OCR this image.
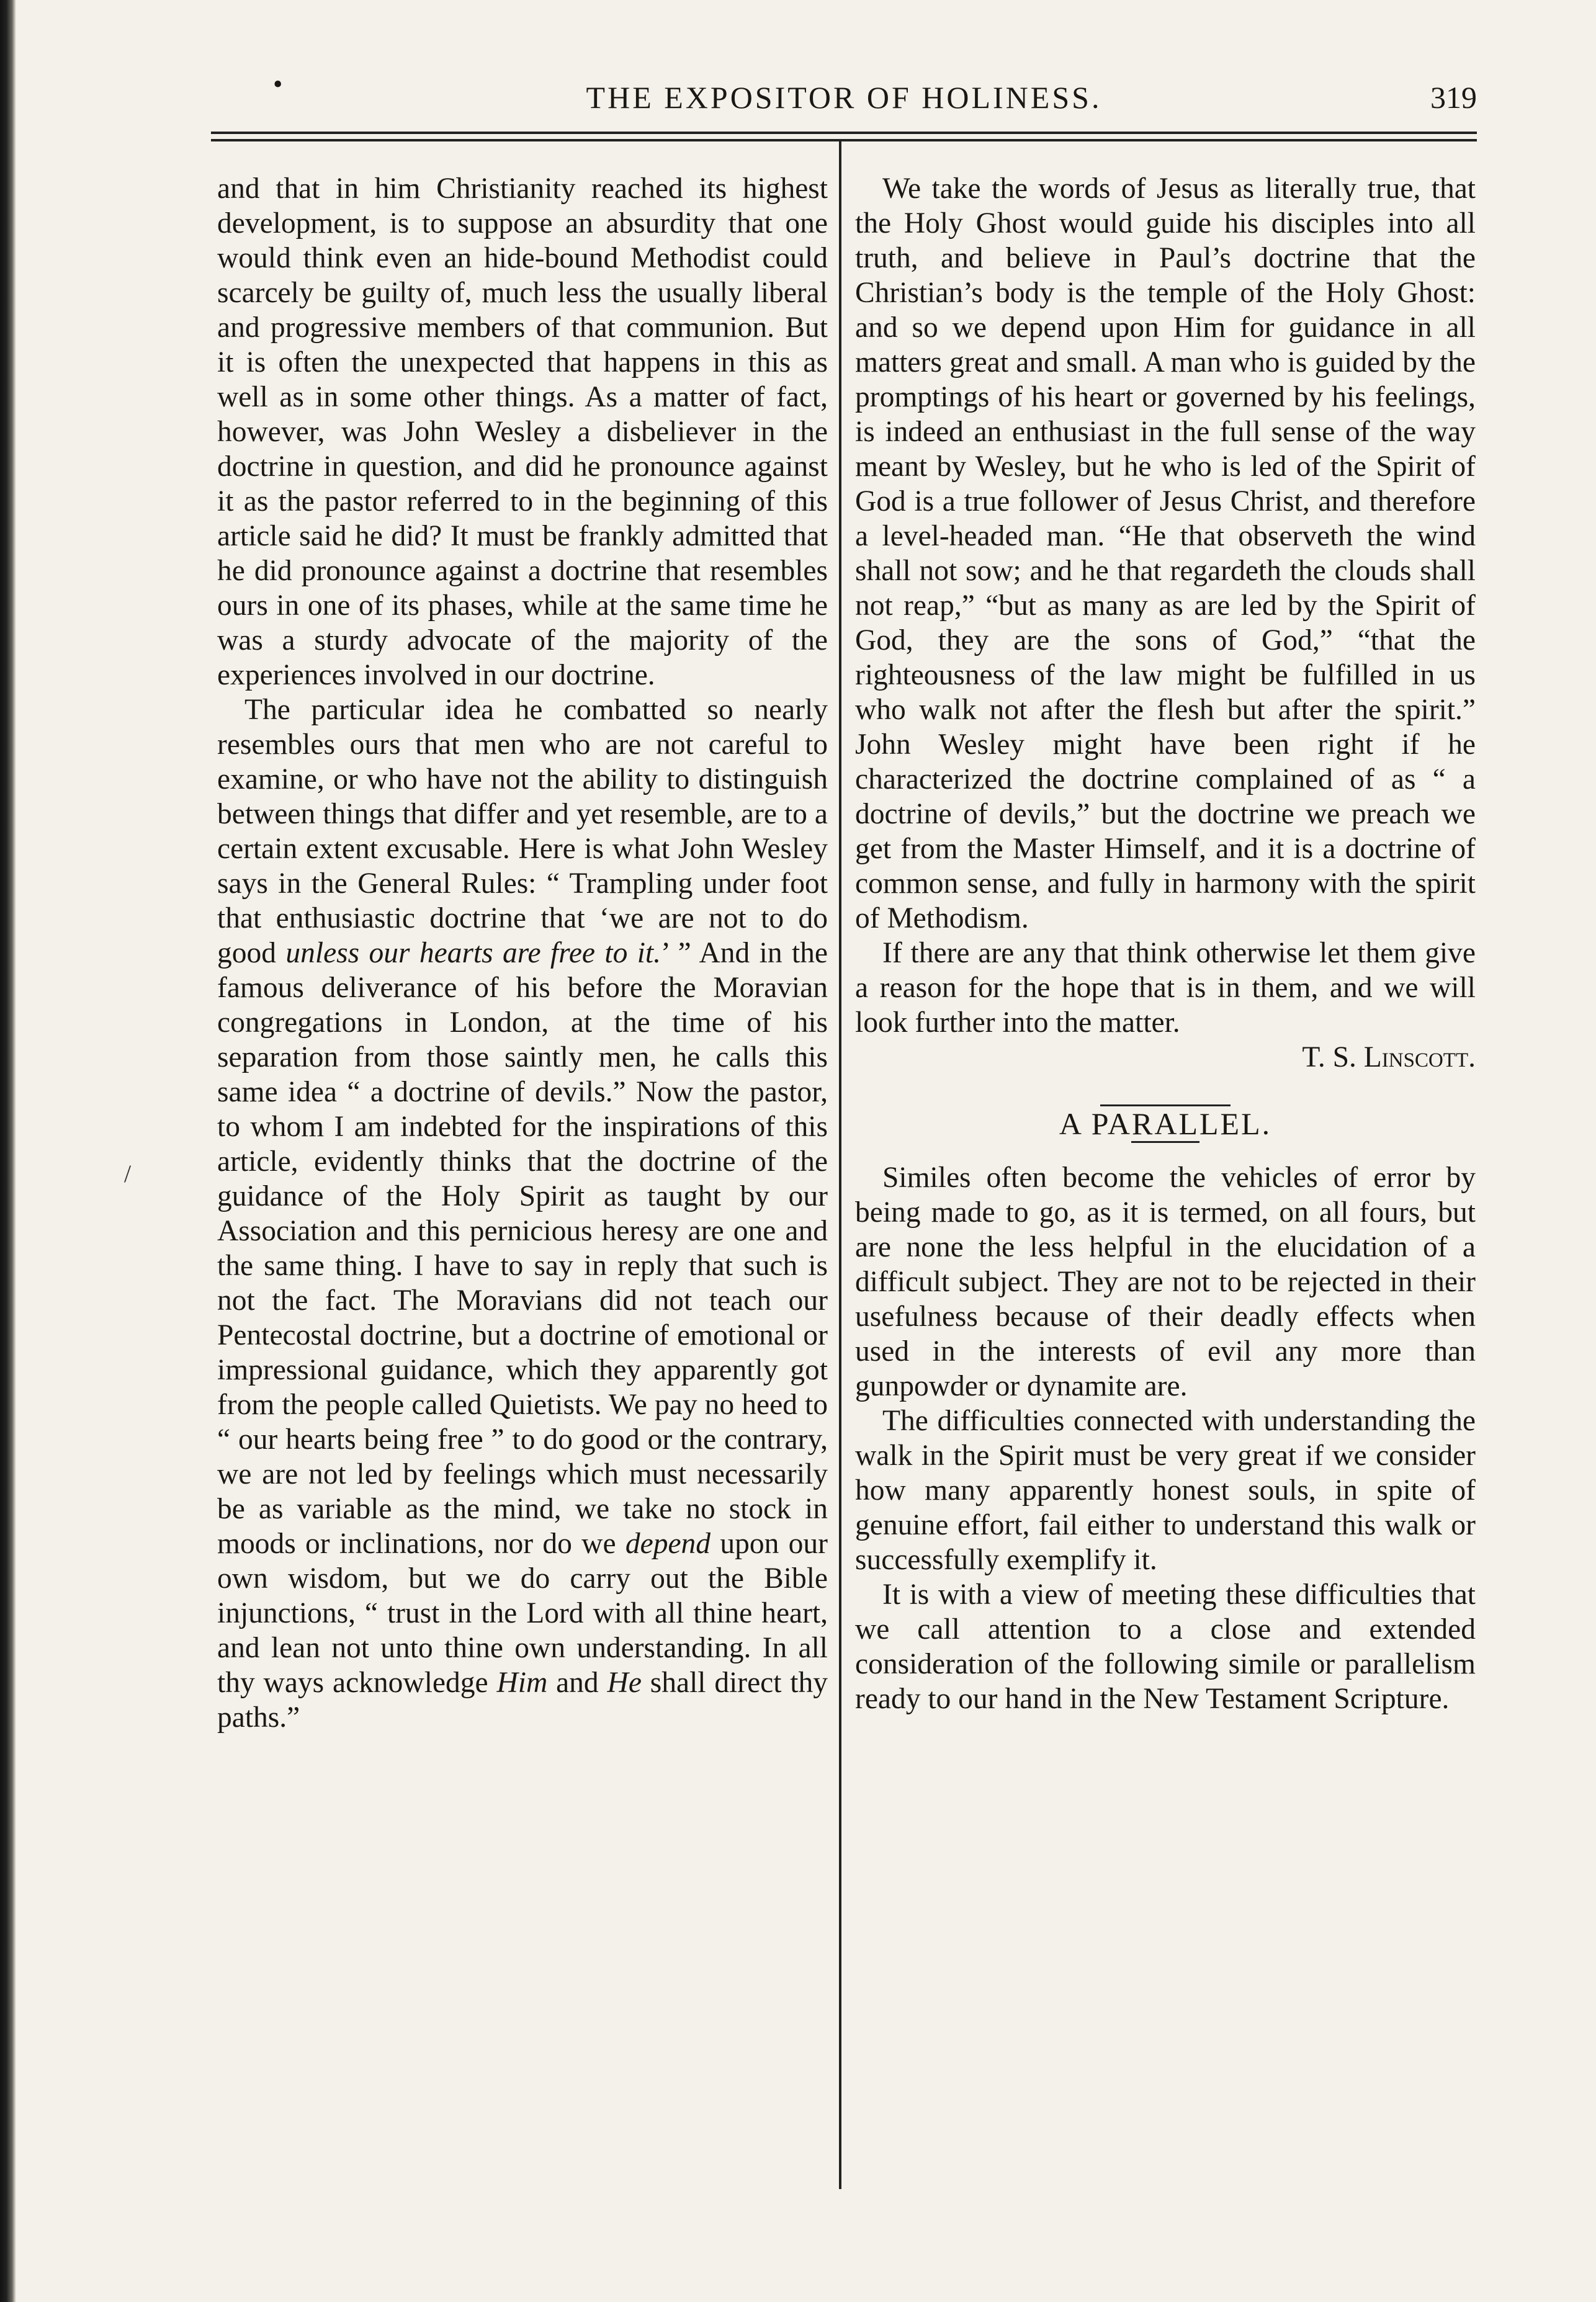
•	THE EXPOSITOR OF HOLINESS.	319
/

and that in him Christianity reached its highest development, is to suppose an absurdity that one would think even an hide-bound Methodist could scarcely be guilty of, much less the usually liberal and progressive members of that communion. But it is often the unexpected that happens in this as well as in some other things. As a matter of fact, however, was John Wesley a disbeliever in the doctrine in question, and did he pronounce against it as the pastor referred to in the beginning of this article said he did? It must be frankly admitted that he did pronounce against a doctrine that resembles ours in one of its phases, while at the same time he was a sturdy advocate of the majority of the experiences involved in our doctrine.

The particular idea he combatted so nearly resembles ours that men who are not careful to examine, or who have not the ability to distinguish between things that differ and yet resemble, are to a certain extent excusable. Here is what John Wesley says in the General Rules: “ Trampling under foot that enthusiastic doctrine that ‘we are not to do good unless our hearts are free to it.’ ” And in the famous deliverance of his before the Moravian congregations in London, at the time of his separation from those saintly men, he calls this same idea “ a doctrine of devils.” Now the pastor, to whom I am indebted for the inspirations of this article, evidently thinks that the doctrine of the guidance of the Holy Spirit as taught by our Association and this pernicious heresy are one and the same thing. I have to say in reply that such is not the fact. The Moravians did not teach our Pentecostal doctrine, but a doctrine of emotional or impressional guidance, which they apparently got from the people called Quietists. We pay no heed to “ our hearts being free ” to do good or the contrary, we are not led by feelings which must necessarily be as variable as the mind, we take no stock in moods or inclinations, nor do we depend upon our own wisdom, but we do carry out the Bible injunctions, “ trust in the Lord with all thine heart, and lean not unto thine own understanding. In all thy ways acknowledge Him and He shall direct thy paths.”

We take the words of Jesus as literally true, that the Holy Ghost would guide his disciples into all truth, and believe in Paul’s doctrine that the Christian’s body is the temple of the Holy Ghost: and so we depend upon Him for guidance in all matters great and small. A man who is guided by the promptings of his heart or governed by his feelings, is indeed an enthusiast in the full sense of the way meant by Wesley, but he who is led of the Spirit of God is a true follower of Jesus Christ, and therefore a level-headed man. “He that observeth the wind shall not sow; and he that regardeth the clouds shall not reap,” “but as many as are led by the Spirit of God, they are the sons of God,” “that the righteousness of the law might be fulfilled in us who walk not after the flesh but after the spirit.” John Wesley might have been right if he characterized the doctrine complained of as “ a doctrine of devils,” but the doctrine we preach we get from the Master Himself, and it is a doctrine of common sense, and fully in harmony with the spirit of Methodism.

If there are any that think otherwise let them give a reason for the hope that is in them, and we will look further into the matter.

T. S. Linscott.

A PARALLEL.

Similes often become the vehicles of error by being made to go, as it is termed, on all fours, but are none the less helpful in the elucidation of a difficult subject. They are not to be rejected in their usefulness because of their deadly effects when used in the interests of evil any more than gunpowder or dynamite are.

The difficulties connected with understanding the walk in the Spirit must be very great if we consider how many apparently honest souls, in spite of genuine effort, fail either to understand this walk or successfully exemplify it.

It is with a view of meeting these difficulties that we call attention to a close and extended consideration of the following simile or parallelism ready to our hand in the New Testament Scripture.
